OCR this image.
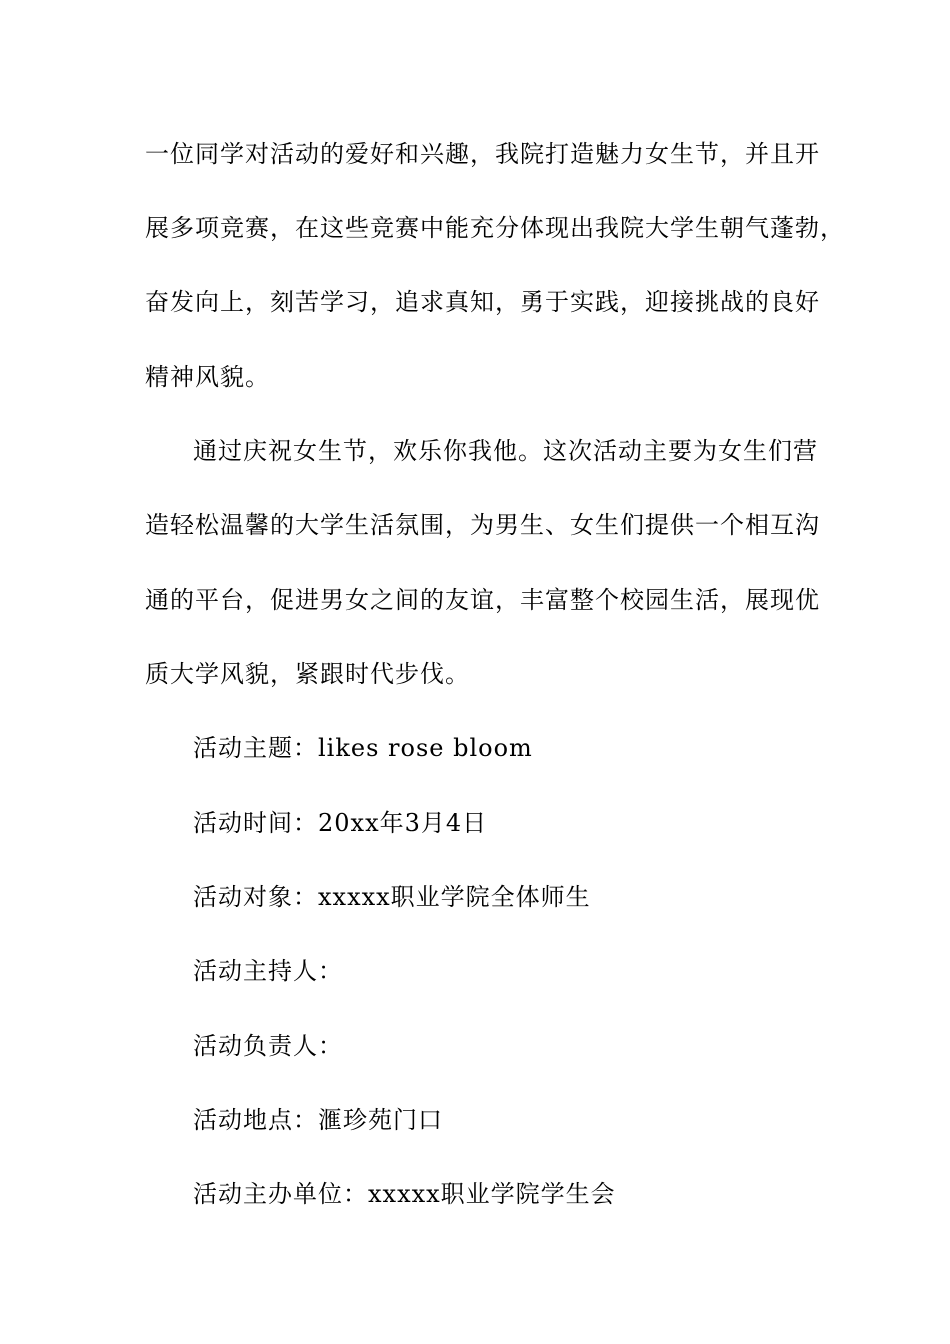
一位同学对活动的爱好和兴趣，我院打造魅力女生节，并且开
展多项竞赛，在这些竞赛中能充分体现出我院大学生朝气蓬勃，
奋发向上，刻苦学习，追求真知，勇于实践，迎接挑战的良好
精神风貌。
通过庆祝女生节，欢乐你我他。这次活动主要为女生们营
造轻松温馨的大学生活氛围，为男生、女生们提供一个相互沟
通的平台，促进男女之间的友谊，丰富整个校园生活，展现优
质大学风貌，紧跟时代步伐。
活动主题：likes rose bloom
活动时间：20xx年3月4日
活动对象：xxxxx职业学院全体师生
活动主持人：
活动负责人：
活动地点：滙珍苑门口
活动主办单位：xxxxx职业学院学生会
